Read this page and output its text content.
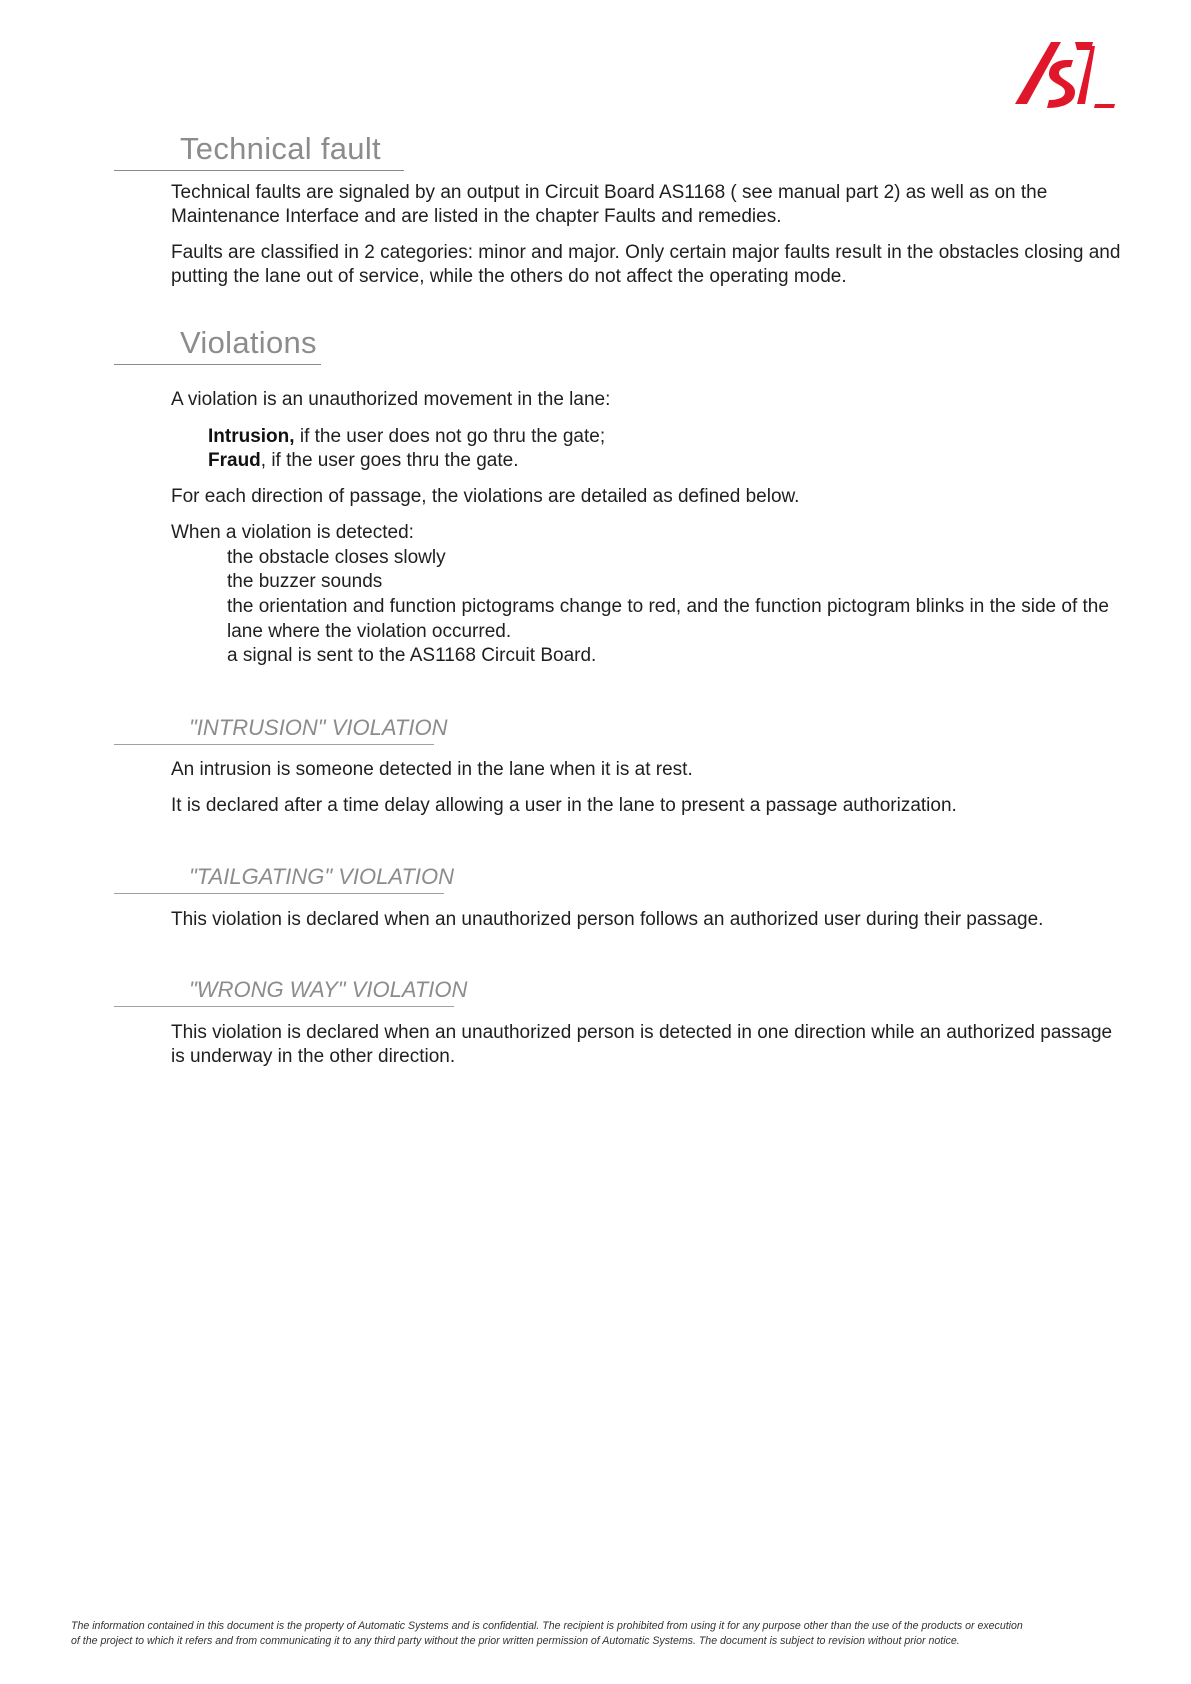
Technical fault

Technical faults are signaled by an output in Circuit Board AS1168 ( see manual part 2) as well as on the Maintenance Interface and are listed in the chapter Faults and remedies.

Faults are classified in 2 categories: minor and major. Only certain major faults result in the obstacles closing and putting the lane out of service, while the others do not affect the operating mode.

Violations

A violation is an unauthorized movement in the lane:

Intrusion, if the user does not go thru the gate;

Fraud, if the user goes thru the gate.

For each direction of passage, the violations are detailed as defined below.

When a violation is detected:

the obstacle closes slowly

the buzzer sounds

the orientation and function pictograms change to red, and the function pictogram blinks in the side of the lane where the violation occurred.

a signal is sent to the AS1168 Circuit Board.

"INTRUSION" VIOLATION

An intrusion is someone detected in the lane when it is at rest.

It is declared after a time delay allowing a user in the lane to present a passage authorization.

"TAILGATING" VIOLATION

This violation is declared when an unauthorized person follows an authorized user during their passage.

"WRONG WAY" VIOLATION

This violation is declared when an unauthorized person is detected in one direction while an authorized passage is underway in the other direction.

The information contained in this document is the property of Automatic Systems and is confidential. The recipient is prohibited from using it for any purpose other than the use of the products or execution
of the project to which it refers and from communicating it to any third party without the prior written permission of Automatic Systems. The document is subject to revision without prior notice.
